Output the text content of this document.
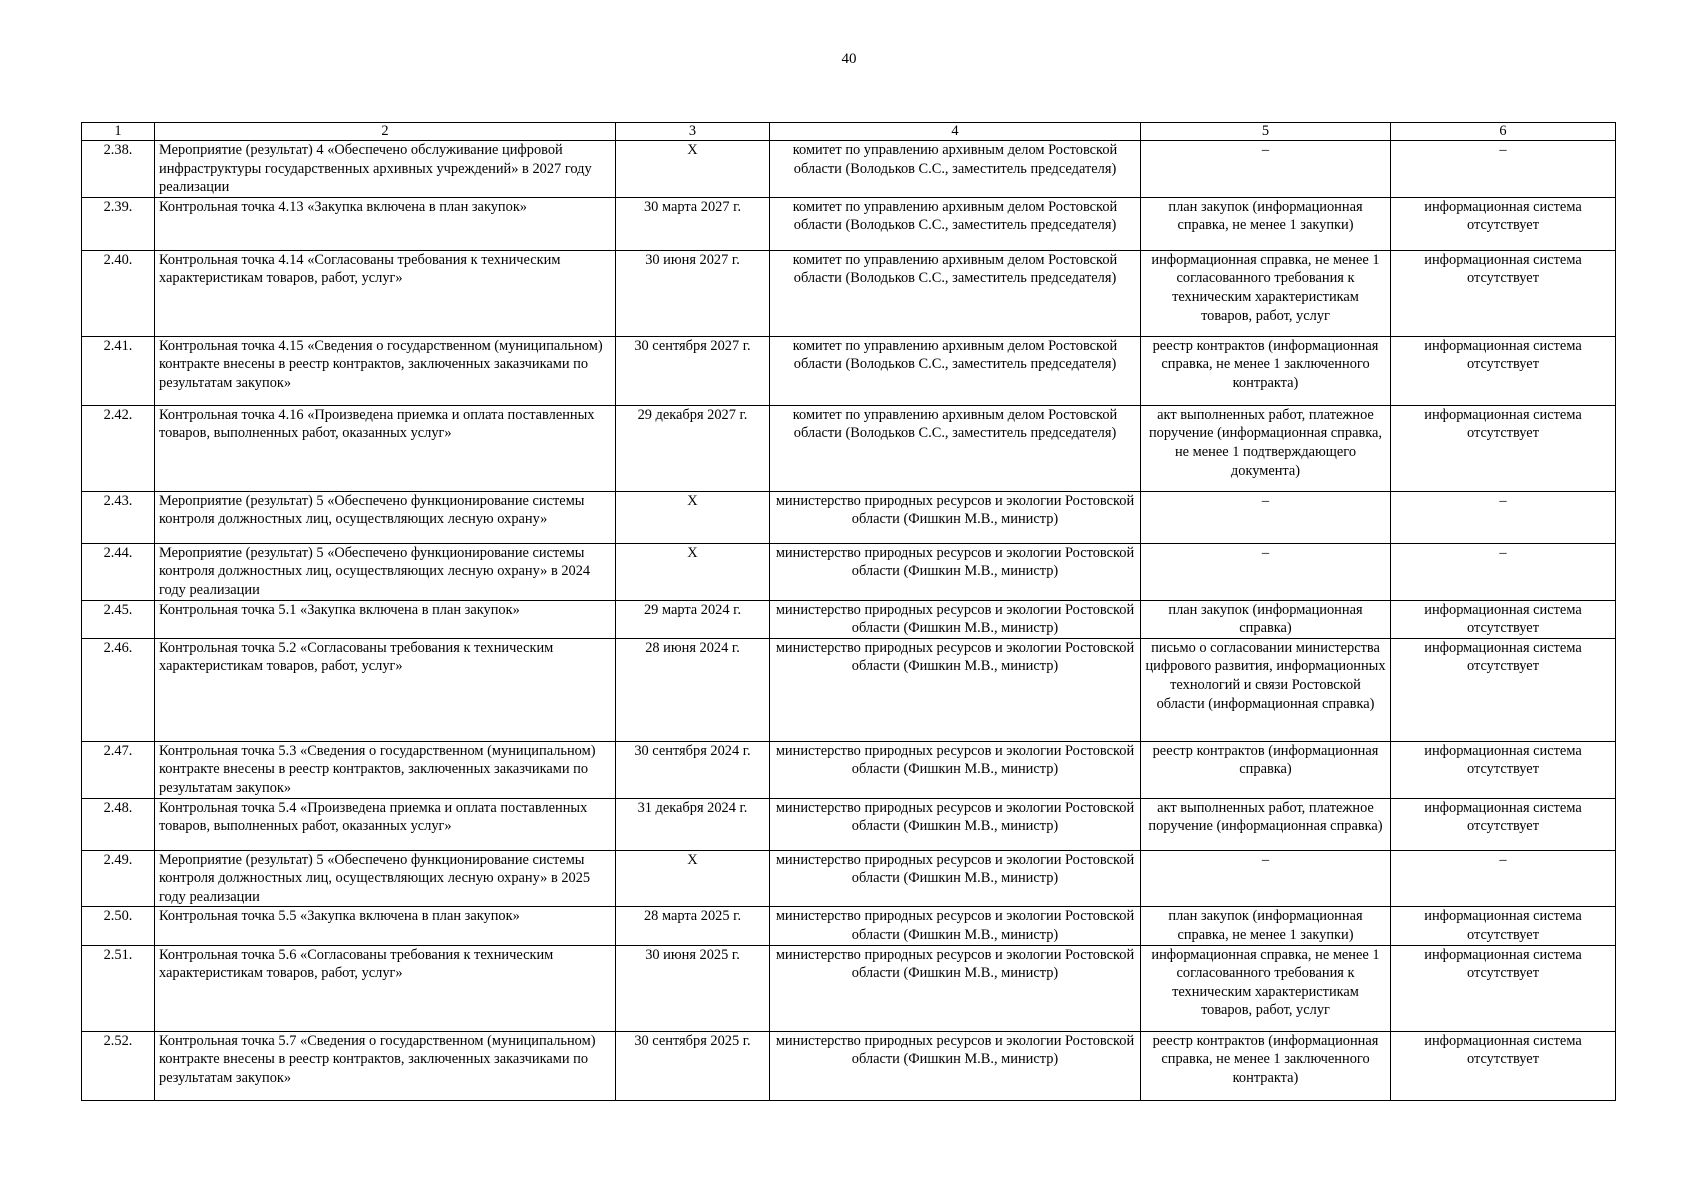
40
1	2	3	4	5	6
2.38.	Мероприятие (результат) 4 «Обеспечено обслуживание цифровой инфраструктуры государственных архивных учреждений» в 2027 году реализации	X	комитет по управлению архивным делом Ростовской области (Володьков С.С., заместитель председателя)	–	–
2.39.	Контрольная точка 4.13 «Закупка включена в план закупок»	30 марта 2027 г.	комитет по управлению архивным делом Ростовской области (Володьков С.С., заместитель председателя)	план закупок (информационная справка, не менее 1 закупки)	информационная система отсутствует
2.40.	Контрольная точка 4.14 «Согласованы требования к техническим характеристикам товаров, работ, услуг»	30 июня 2027 г.	комитет по управлению архивным делом Ростовской области (Володьков С.С., заместитель председателя)	информационная справка, не менее 1 согласованного требования к техническим характеристикам товаров, работ, услуг	информационная система отсутствует
2.41.	Контрольная точка 4.15 «Сведения о государственном (муниципальном) контракте внесены в реестр контрактов, заключенных заказчиками по результатам закупок»	30 сентября 2027 г.	комитет по управлению архивным делом Ростовской области (Володьков С.С., заместитель председателя)	реестр контрактов (информационная справка, не менее 1 заключенного контракта)	информационная система отсутствует
2.42.	Контрольная точка 4.16 «Произведена приемка и оплата поставленных товаров, выполненных работ, оказанных услуг»	29 декабря 2027 г.	комитет по управлению архивным делом Ростовской области (Володьков С.С., заместитель председателя)	акт выполненных работ, платежное поручение (информационная справка, не менее 1 подтверждающего документа)	информационная система отсутствует
2.43.	Мероприятие (результат) 5 «Обеспечено функционирование системы контроля должностных лиц, осуществляющих лесную охрану»	X	министерство природных ресурсов и экологии Ростовской области (Фишкин М.В., министр)	–	–
2.44.	Мероприятие (результат) 5 «Обеспечено функционирование системы контроля должностных лиц, осуществляющих лесную охрану» в 2024 году реализации	X	министерство природных ресурсов и экологии Ростовской области (Фишкин М.В., министр)	–	–
2.45.	Контрольная точка 5.1 «Закупка включена в план закупок»	29 марта 2024 г.	министерство природных ресурсов и экологии Ростовской области (Фишкин М.В., министр)	план закупок (информационная справка)	информационная система отсутствует
2.46.	Контрольная точка 5.2 «Согласованы требования к техническим характеристикам товаров, работ, услуг»	28 июня 2024 г.	министерство природных ресурсов и экологии Ростовской области (Фишкин М.В., министр)	письмо о согласовании министерства цифрового развития, информационных технологий и связи Ростовской области (информационная справка)	информационная система отсутствует
2.47.	Контрольная точка 5.3 «Сведения о государственном (муниципальном) контракте внесены в реестр контрактов, заключенных заказчиками по результатам закупок»	30 сентября 2024 г.	министерство природных ресурсов и экологии Ростовской области (Фишкин М.В., министр)	реестр контрактов (информационная справка)	информационная система отсутствует
2.48.	Контрольная точка 5.4 «Произведена приемка и оплата поставленных товаров, выполненных работ, оказанных услуг»	31 декабря 2024 г.	министерство природных ресурсов и экологии Ростовской области (Фишкин М.В., министр)	акт выполненных работ, платежное поручение (информационная справка)	информационная система отсутствует
2.49.	Мероприятие (результат) 5 «Обеспечено функционирование системы контроля должностных лиц, осуществляющих лесную охрану» в 2025 году реализации	X	министерство природных ресурсов и экологии Ростовской области (Фишкин М.В., министр)	–	–
2.50.	Контрольная точка 5.5 «Закупка включена в план закупок»	28 марта 2025 г.	министерство природных ресурсов и экологии Ростовской области (Фишкин М.В., министр)	план закупок (информационная справка, не менее 1 закупки)	информационная система отсутствует
2.51.	Контрольная точка 5.6 «Согласованы требования к техническим характеристикам товаров, работ, услуг»	30 июня 2025 г.	министерство природных ресурсов и экологии Ростовской области (Фишкин М.В., министр)	информационная справка, не менее 1 согласованного требования к техническим характеристикам товаров, работ, услуг	информационная система отсутствует
2.52.	Контрольная точка 5.7 «Сведения о государственном (муниципальном) контракте внесены в реестр контрактов, заключенных заказчиками по результатам закупок»	30 сентября 2025 г.	министерство природных ресурсов и экологии Ростовской области (Фишкин М.В., министр)	реестр контрактов (информационная справка, не менее 1 заключенного контракта)	информационная система отсутствует
